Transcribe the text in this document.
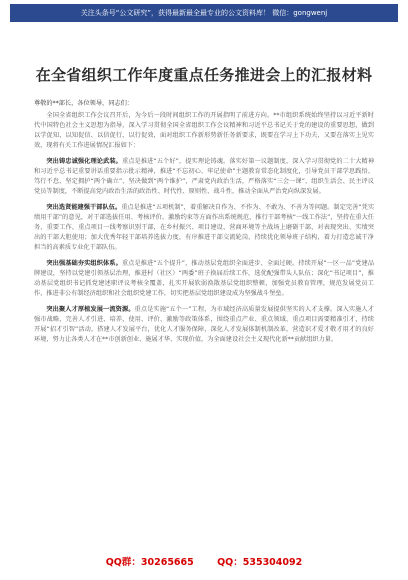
关注头条号“公文研究”，获得最新最全最专业的公文资料库！ 微信：gongwenj
在全省组织工作年度重点任务推进会上的汇报材料
尊敬的**部长，各位领导，同志们：

全国全省组织工作会议召开后，为今后一段时间组织工作的开展指明了前进方向。**市组织系统始终坚持以习近平新时代中国特色社会主义思想为指导，深入学习贯彻全国全省组织工作会议精神和习近平总书记关于党的建设的重要思想，做到以学促知、以知促信、以信促行，以行促效，面对组织工作新形势新任务新要求，既要在学习上下功夫，又要在落实上见实效，现将有关工作进展情况汇报如下：

突出铸忠诚强化理论武装。重点是推进“五个好”，提实理论铸魂。落实好第一议题制度，深入学习贯彻党的二十大精神和习近平总书记重要讲话重要指示批示精神，推进“不忘初心、牢记使命”主题教育常态化制度化，引导党员干部学思践悟、笃行不怠，坚定拥护“两个确立”、坚决做到“两个维护”，严肃党内政治生活，严格落实“三会一课”、组织生活会、民主评议党员等制度，不断提高党内政治生活的政治性、时代性、原则性、战斗性，推动全面从严治党向纵深发展。

突出选贤能建强干部队伍。重点是推进“五项机制”，着重解决自作为、不作为、不敢为、不善为等问题。制定完善“凭实绩用干部”的意见，对干部选拔任用、考核评价、激励约束等方面作出系统规范，推行干部考核“一线工作法”，坚持在重大任务、重要工作、重点项目一线考察识别干部，在乡村振兴、项目建设、营商环境等主战场上磨砺干部，对表现突出、实绩突出的干部大胆使用；加大优秀年轻干部培养选拔力度，有序推进干部交流轮岗，持续优化领导班子结构，着力打造忠诚干净担当的高素质专业化干部队伍。

突出强基础夯实组织体系。重点是推进“五个提升”，推动基层党组织全面进步、全面过硬。持续开展“一区一品”党建品牌建设，坚持以党建引领基层治理，推进村（社区）“两委”班子换届后续工作，选优配强带头人队伍；深化“书记项目”，推动基层党组织书记抓党建述职评议考核全覆盖，扎实开展软弱涣散基层党组织整顿，加强党员教育管理，规范发展党员工作，推进非公有制经济组织和社会组织党建工作，切实把基层党组织建设成为坚强战斗堡垒。

突出聚人才厚植发展一流资源。重点是实施“五个一”工程，为市域经济高质量发展提供坚实的人才支撑。深入实施人才强市战略，完善人才引进、培养、使用、评价、激励等政策体系，围绕重点产业、重点领域、重点项目需要精准引才，持续开展“招才引智”活动，搭建人才发展平台，优化人才服务保障，深化人才发展体制机制改革，营造识才爱才敬才用才的良好环境，努力让各类人才在**市创新创业、施展才华、实现价值，为全面建设社会主义现代化新**贡献组织力量。

QQ群：30265665 QQ：535304092
